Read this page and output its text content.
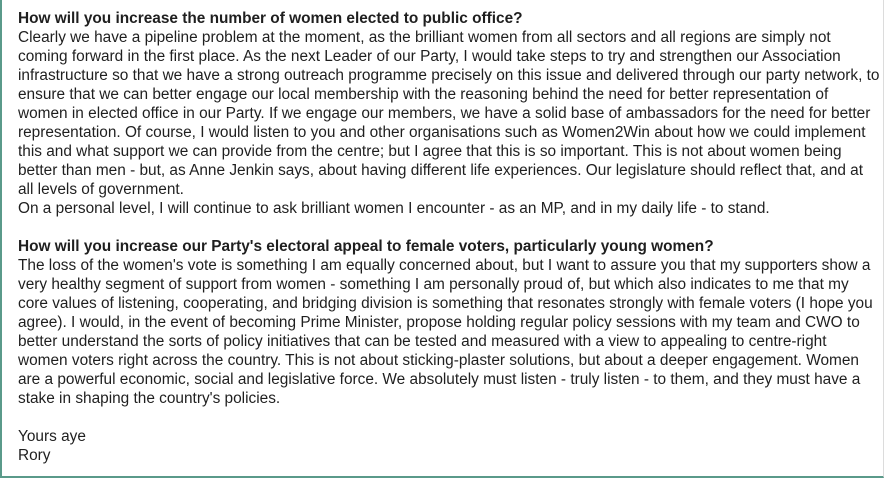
How will you increase the number of women elected to public office?

Clearly we have a pipeline problem at the moment, as the brilliant women from all sectors and all regions are simply not coming forward in the first place. As the next Leader of our Party, I would take steps to try and strengthen our Association infrastructure so that we have a strong outreach programme precisely on this issue and delivered through our party network, to ensure that we can better engage our local membership with the reasoning behind the need for better representation of women in elected office in our Party. If we engage our members, we have a solid base of ambassadors for the need for better representation. Of course, I would listen to you and other organisations such as Women2Win about how we could implement this and what support we can provide from the centre; but I agree that this is so important. This is not about women being better than men - but, as Anne Jenkin says, about having different life experiences. Our legislature should reflect that, and at all levels of government.

On a personal level, I will continue to ask brilliant women I encounter - as an MP, and in my daily life - to stand.

How will you increase our Party's electoral appeal to female voters, particularly young women?

The loss of the women's vote is something I am equally concerned about, but I want to assure you that my supporters show a very healthy segment of support from women - something I am personally proud of, but which also indicates to me that my core values of listening, cooperating, and bridging division is something that resonates strongly with female voters (I hope you agree). I would, in the event of becoming Prime Minister, propose holding regular policy sessions with my team and CWO to better understand the sorts of policy initiatives that can be tested and measured with a view to appealing to centre-right women voters right across the country. This is not about sticking-plaster solutions, but about a deeper engagement. Women are a powerful economic, social and legislative force. We absolutely must listen - truly listen - to them, and they must have a stake in shaping the country's policies.

Yours aye

Rory
